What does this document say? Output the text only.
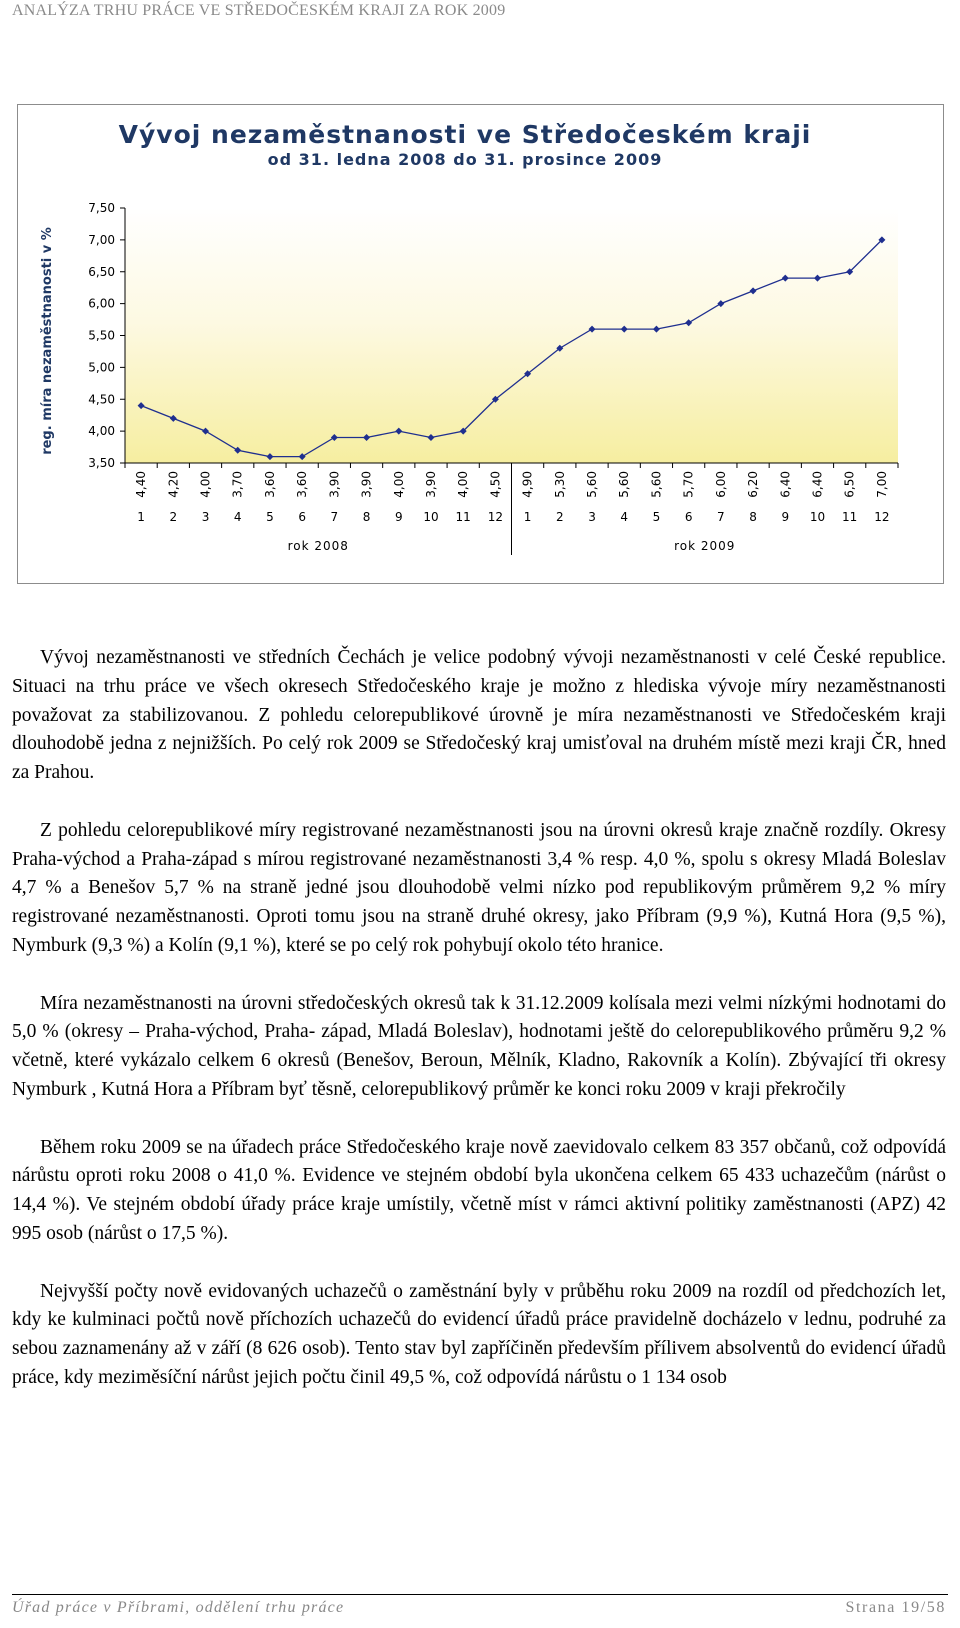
ANALÝZA TRHU PRÁCE VE STŘEDOČESKÉM KRAJI ZA ROK 2009
Vývoj nezaměstnanosti ve Středočeském kraji
od 31. ledna 2008 do 31. prosince 2009
reg. míra nezaměstnanosti v %
3,50
4,00
4,50
5,00
5,50
6,00
6,50
7,00
7,50
4,40
1
4,20
2
4,00
3
3,70
4
3,60
5
3,60
6
3,90
7
3,90
8
4,00
9
3,90
10
4,00
11
4,50
12
4,90
1
5,30
2
5,60
3
5,60
4
5,60
5
5,70
6
6,00
7
6,20
8
6,40
9
6,40
10
6,50
11
7,00
12
rok 2008	rok 2009

Vývoj nezaměstnanosti ve středních Čechách je velice podobný vývoji nezaměstnanosti v celé České republice. Situaci na trhu práce ve všech okresech Středočeského kraje je možno z hlediska vývoje míry nezaměstnanosti považovat za stabilizovanou. Z pohledu celorepublikové úrovně je míra nezaměstnanosti ve Středočeském kraji dlouhodobě jedna z nejnižších. Po celý rok 2009 se Středočeský kraj umisťoval na druhém místě mezi kraji ČR, hned za Prahou.

Z pohledu celorepublikové míry registrované nezaměstnanosti jsou na úrovni okresů kraje značně rozdíly. Okresy Praha-východ a Praha-západ s mírou registrované nezaměstnanosti 3,4 % resp. 4,0 %, spolu s okresy Mladá Boleslav 4,7 % a Benešov 5,7 % na straně jedné jsou dlouhodobě velmi nízko pod republikovým průměrem 9,2 % míry registrované nezaměstnanosti. Oproti tomu jsou na straně druhé okresy, jako Příbram (9,9 %), Kutná Hora (9,5 %), Nymburk (9,3 %) a Kolín (9,1 %), které se po celý rok pohybují okolo této hranice.

Míra nezaměstnanosti na úrovni středočeských okresů tak k 31.12.2009 kolísala mezi velmi nízkými hodnotami do 5,0 % (okresy – Praha-východ, Praha- západ, Mladá Boleslav), hodnotami ještě do celorepublikového průměru 9,2 % včetně, které vykázalo celkem 6 okresů (Benešov, Beroun, Mělník, Kladno, Rakovník a Kolín). Zbývající tři okresy Nymburk , Kutná Hora a Příbram byť těsně, celorepublikový průměr ke konci roku 2009 v kraji překročily

Během roku 2009 se na úřadech práce Středočeského kraje nově zaevidovalo celkem 83 357 občanů, což odpovídá nárůstu oproti roku 2008 o 41,0 %. Evidence ve stejném období byla ukončena celkem 65 433 uchazečům (nárůst o 14,4 %). Ve stejném období úřady práce kraje umístily, včetně míst v rámci aktivní politiky zaměstnanosti (APZ) 42 995 osob (nárůst o 17,5 %).

Nejvyšší počty nově evidovaných uchazečů o zaměstnání byly v průběhu roku 2009 na rozdíl od předchozích let, kdy ke kulminaci počtů nově příchozích uchazečů do evidencí úřadů práce pravidelně docházelo v lednu, podruhé za sebou zaznamenány až v září (8 626 osob). Tento stav byl zapříčiněn především přílivem absolventů do evidencí úřadů práce, kdy meziměsíční nárůst jejich počtu činil 49,5 %, což odpovídá nárůstu o 1 134 osob

Úřad práce v Příbrami, oddělení trhu práce	Strana 19/58
